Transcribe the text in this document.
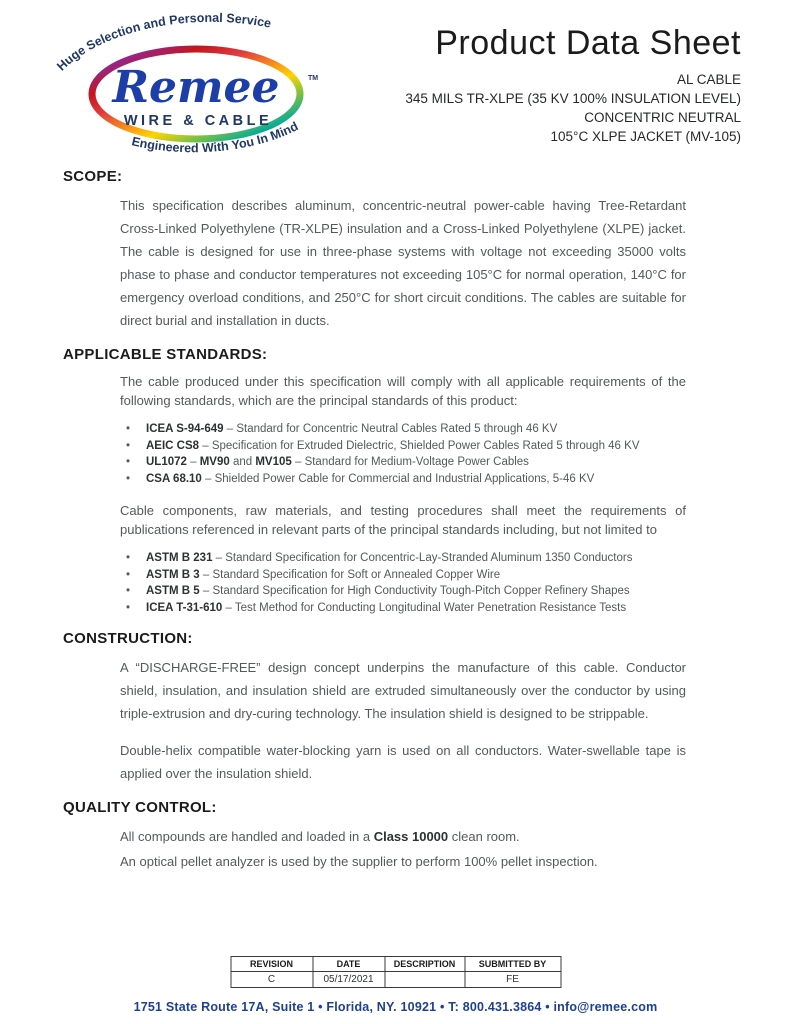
Huge Selection and Personal Service
Remee
WIRE & CABLE
TM
Engineered With You In Mind
Product Data Sheet
AL CABLE
345 MILS TR-XLPE (35 KV 100% INSULATION LEVEL)
CONCENTRIC NEUTRAL
105°C XLPE JACKET (MV-105)
SCOPE:
This specification describes aluminum, concentric-neutral power-cable having Tree-Retardant Cross-Linked Polyethylene (TR-XLPE) insulation and a Cross-Linked Polyethylene (XLPE) jacket. The cable is designed for use in three-phase systems with voltage not exceeding 35000 volts phase to phase and conductor temperatures not exceeding 105°C for normal operation, 140°C for emergency overload conditions, and 250°C for short circuit conditions. The cables are suitable for direct burial and installation in ducts.
APPLICABLE STANDARDS:
The cable produced under this specification will comply with all applicable requirements of the following standards, which are the principal standards of this product:
•	ICEA S-94-649 – Standard for Concentric Neutral Cables Rated 5 through 46 KV
•	AEIC CS8 – Specification for Extruded Dielectric, Shielded Power Cables Rated 5 through 46 KV
•	UL1072 – MV90 and MV105 – Standard for Medium-Voltage Power Cables
•	CSA 68.10 – Shielded Power Cable for Commercial and Industrial Applications, 5-46 KV
Cable components, raw materials, and testing procedures shall meet the requirements of publications referenced in relevant parts of the principal standards including, but not limited to
•	ASTM B 231 – Standard Specification for Concentric-Lay-Stranded Aluminum 1350 Conductors
•	ASTM B 3 – Standard Specification for Soft or Annealed Copper Wire
•	ASTM B 5 – Standard Specification for High Conductivity Tough-Pitch Copper Refinery Shapes
•	ICEA T-31-610 – Test Method for Conducting Longitudinal Water Penetration Resistance Tests
CONSTRUCTION:
A “DISCHARGE-FREE” design concept underpins the manufacture of this cable. Conductor shield, insulation, and insulation shield are extruded simultaneously over the conductor by using triple-extrusion and dry-curing technology. The insulation shield is designed to be strippable.
Double-helix compatible water-blocking yarn is used on all conductors. Water-swellable tape is applied over the insulation shield.
QUALITY CONTROL:
All compounds are handled and loaded in a Class 10000 clean room.
An optical pellet analyzer is used by the supplier to perform 100% pellet inspection.
REVISION	DATE	DESCRIPTION	SUBMITTED BY
C	05/17/2021		FE
1751 State Route 17A, Suite 1 • Florida, NY. 10921 • T: 800.431.3864 • info@remee.com
